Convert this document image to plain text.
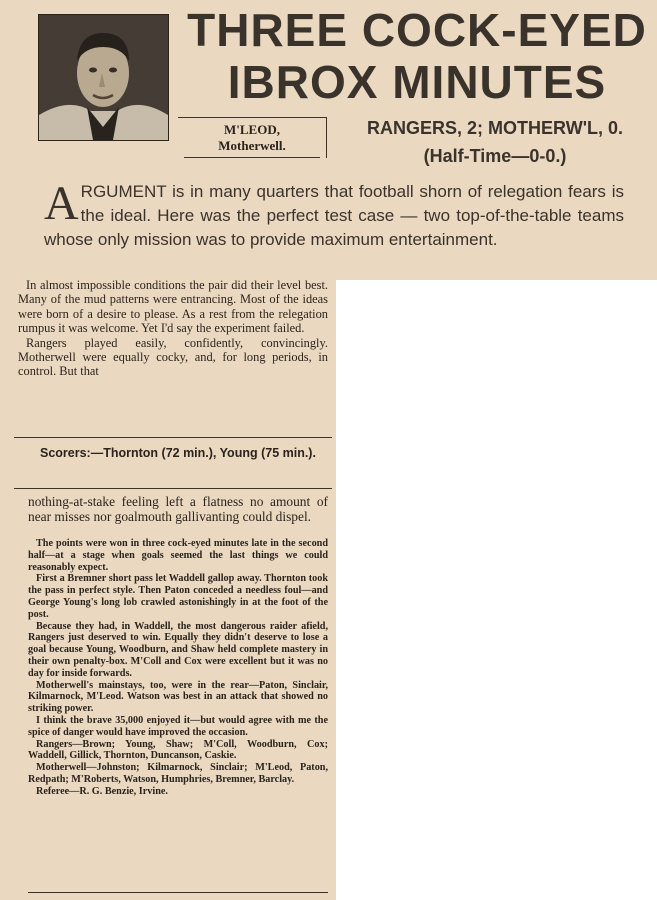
THREE COCK-EYED
IBROX MINUTES
M'LEOD,
Motherwell.
RANGERS, 2; MOTHERW'L, 0.
(Half-Time—0-0.)
A RGUMENT is in many quarters that football shorn of relegation fears is the ideal. Here was the perfect test case — two top-of-the-table teams whose only mission was to provide maximum entertainment.

In almost impossible conditions the pair did their level best. Many of the mud patterns were entrancing. Most of the ideas were born of a desire to please. As a rest from the relegation rumpus it was welcome. Yet I'd say the experiment failed.

Rangers played easily, confidently, convincingly. Motherwell were equally cocky, and, for long periods, in control. But that

Scorers:—Thornton (72 min.), Young (75 min.).
nothing-at-stake feeling left a flatness no amount of near misses nor goalmouth gallivanting could dispel.

The points were won in three cock-eyed minutes late in the second half—at a stage when goals seemed the last things we could reasonably expect.

First a Bremner short pass let Waddell gallop away. Thornton took the pass in perfect style. Then Paton conceded a needless foul—and George Young's long lob crawled astonishingly in at the foot of the post.

Because they had, in Waddell, the most dangerous raider afield, Rangers just deserved to win. Equally they didn't deserve to lose a goal because Young, Woodburn, and Shaw held complete mastery in their own penalty-box. M'Coll and Cox were excellent but it was no day for inside forwards.

Motherwell's mainstays, too, were in the rear—Paton, Sinclair, Kilmarnock, M'Leod. Watson was best in an attack that showed no striking power.

I think the brave 35,000 enjoyed it—but would agree with me the spice of danger would have improved the occasion.

Rangers—Brown; Young, Shaw; M'Coll, Woodburn, Cox; Waddell, Gillick, Thornton, Duncanson, Caskie.

Motherwell—Johnston; Kilmarnock, Sinclair; M'Leod, Paton, Redpath; M'Roberts, Watson, Humphries, Bremner, Barclay.

Referee—R. G. Benzie, Irvine.
